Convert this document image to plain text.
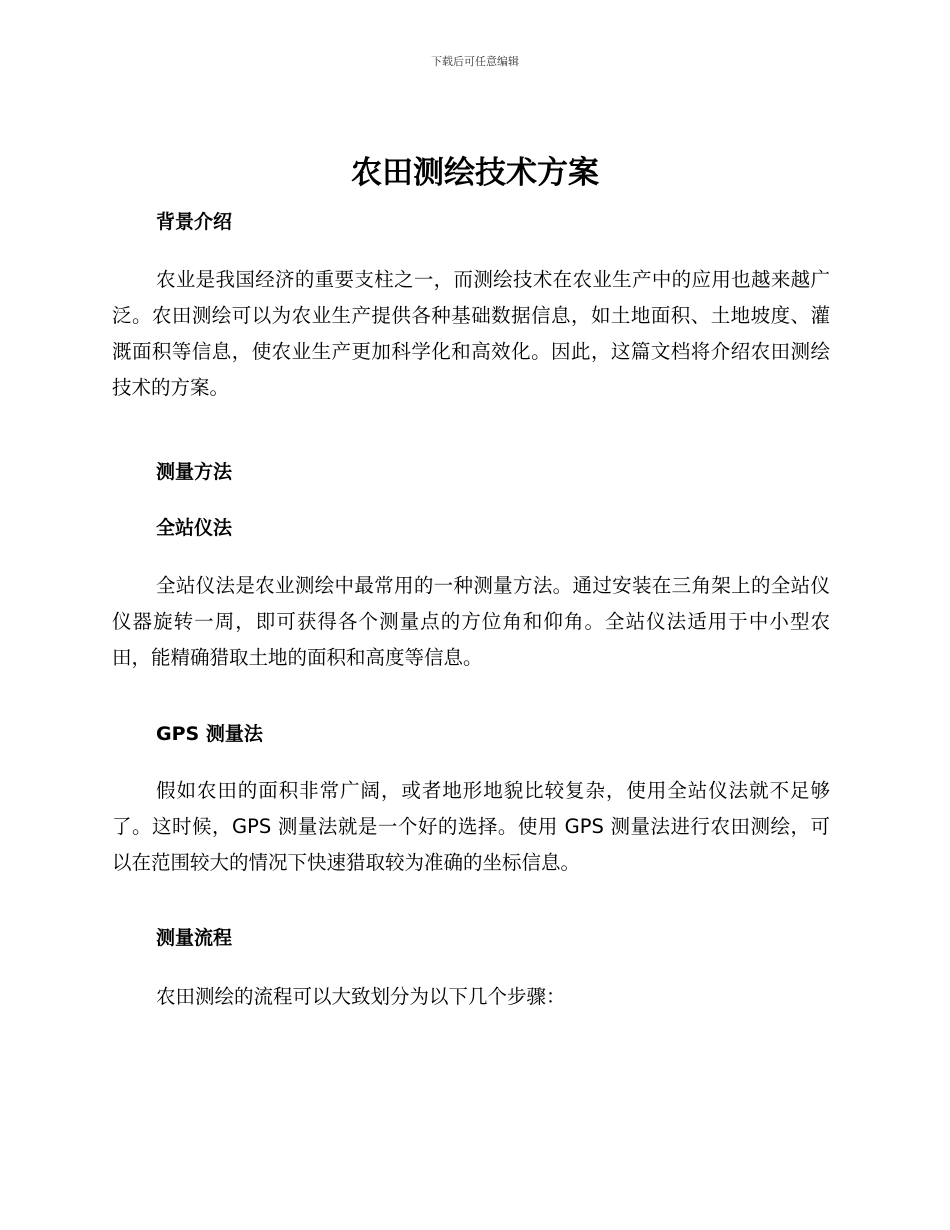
下载后可任意编辑
农田测绘技术方案
背景介绍

农业是我国经济的重要支柱之一，而测绘技术在农业生产中的应用也越来越广泛。农田测绘可以为农业生产提供各种基础数据信息，如土地面积、土地坡度、灌溉面积等信息，使农业生产更加科学化和高效化。因此，这篇文档将介绍农田测绘技术的方案。

测量方法
全站仪法

全站仪法是农业测绘中最常用的一种测量方法。通过安装在三角架上的全站仪仪器旋转一周，即可获得各个测量点的方位角和仰角。全站仪法适用于中小型农田，能精确猎取土地的面积和高度等信息。

GPS 测量法

假如农田的面积非常广阔，或者地形地貌比较复杂，使用全站仪法就不足够了。这时候，GPS 测量法就是一个好的选择。使用 GPS 测量法进行农田测绘，可以在范围较大的情况下快速猎取较为准确的坐标信息。

测量流程

农田测绘的流程可以大致划分为以下几个步骤：
